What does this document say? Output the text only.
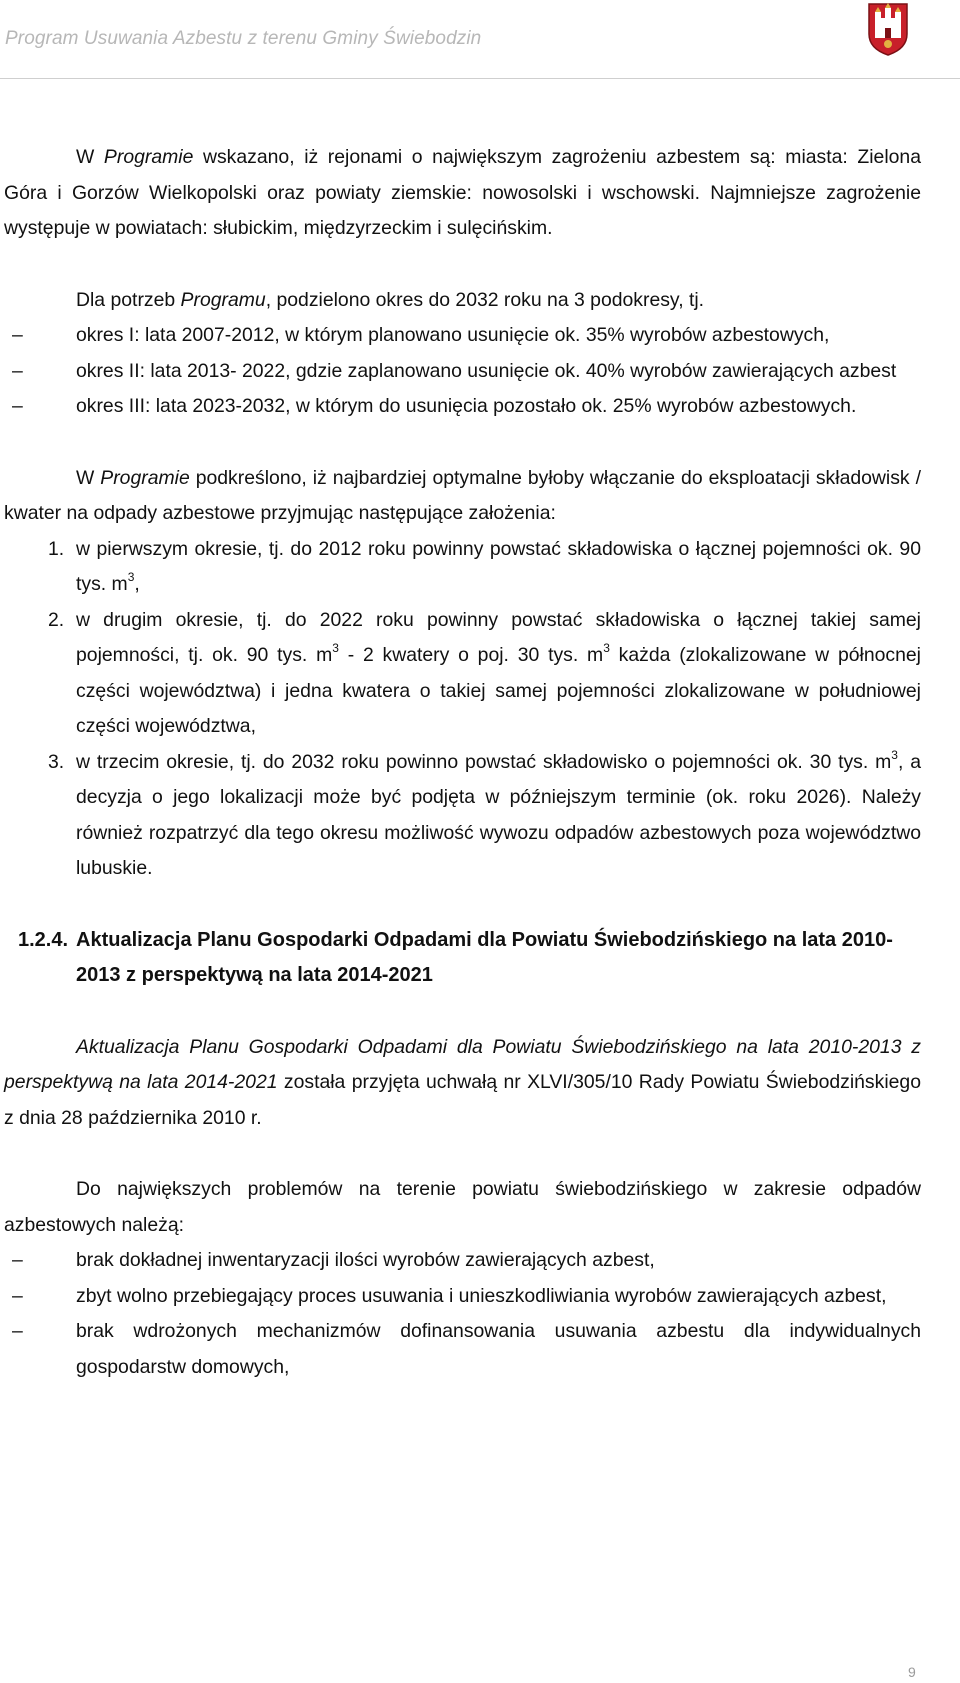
Program Usuwania Azbestu z terenu Gminy Świebodzin

W Programie wskazano, iż rejonami o największym zagrożeniu azbestem są: miasta: Zielona Góra i Gorzów Wielkopolski oraz powiaty ziemskie: nowosolski i wschowski. Najmniejsze zagrożenie występuje w powiatach: słubickim, międzyrzeckim i sulęcińskim.

Dla potrzeb Programu, podzielono okres do 2032 roku na 3 podokresy, tj.

–	okres I: lata 2007-2012, w którym planowano usunięcie ok. 35% wyrobów azbestowych,
–	okres II: lata 2013- 2022, gdzie zaplanowano usunięcie ok. 40% wyrobów zawierających azbest
–	okres III: lata 2023-2032, w którym do usunięcia pozostało ok. 25% wyrobów azbestowych.

W Programie podkreślono, iż najbardziej optymalne byłoby włączanie do eksploatacji składowisk / kwater na odpady azbestowe przyjmując następujące założenia:

1. w pierwszym okresie, tj. do 2012 roku powinny powstać składowiska o łącznej pojemności ok. 90 tys. $m^3$,
2. w drugim okresie, tj. do 2022 roku powinny powstać składowiska o łącznej takiej samej pojemności, tj. ok. 90 tys. $m^3 - 2$ kwatery o poj. 30 tys. $m^3$ każda (zlokalizowane w północnej części województwa) i jedna kwatera o takiej samej pojemności zlokalizowane w południowej części województwa,
3. w trzecim okresie, tj. do 2032 roku powinno powstać składowisko o pojemności ok. 30 tys. $m^3$, a decyzja o jego lokalizacji może być podjęta w późniejszym terminie (ok. roku 2026). Należy również rozpatrzyć dla tego okresu możliwość wywozu odpadów azbestowych poza województwo lubuskie.
1.2.4. Aktualizacja Planu Gospodarki Odpadami dla Powiatu Świebodzińskiego na lata 2010-2013 z perspektywą na lata 2014-2021

Aktualizacja Planu Gospodarki Odpadami dla Powiatu Świebodzińskiego na lata 2010-2013 z perspektywą na lata 2014-2021 została przyjęta uchwałą nr XLVI/305/10 Rady Powiatu Świebodzińskiego z dnia 28 października 2010 r.

Do największych problemów na terenie powiatu świebodzińskiego w zakresie odpadów azbestowych należą:

–	brak dokładnej inwentaryzacji ilości wyrobów zawierających azbest,
–	zbyt wolno przebiegający proces usuwania i unieszkodliwiania wyrobów zawierających azbest,
–	brak wdrożonych mechanizmów dofinansowania usuwania azbestu dla indywidualnych gospodarstw domowych,
9
